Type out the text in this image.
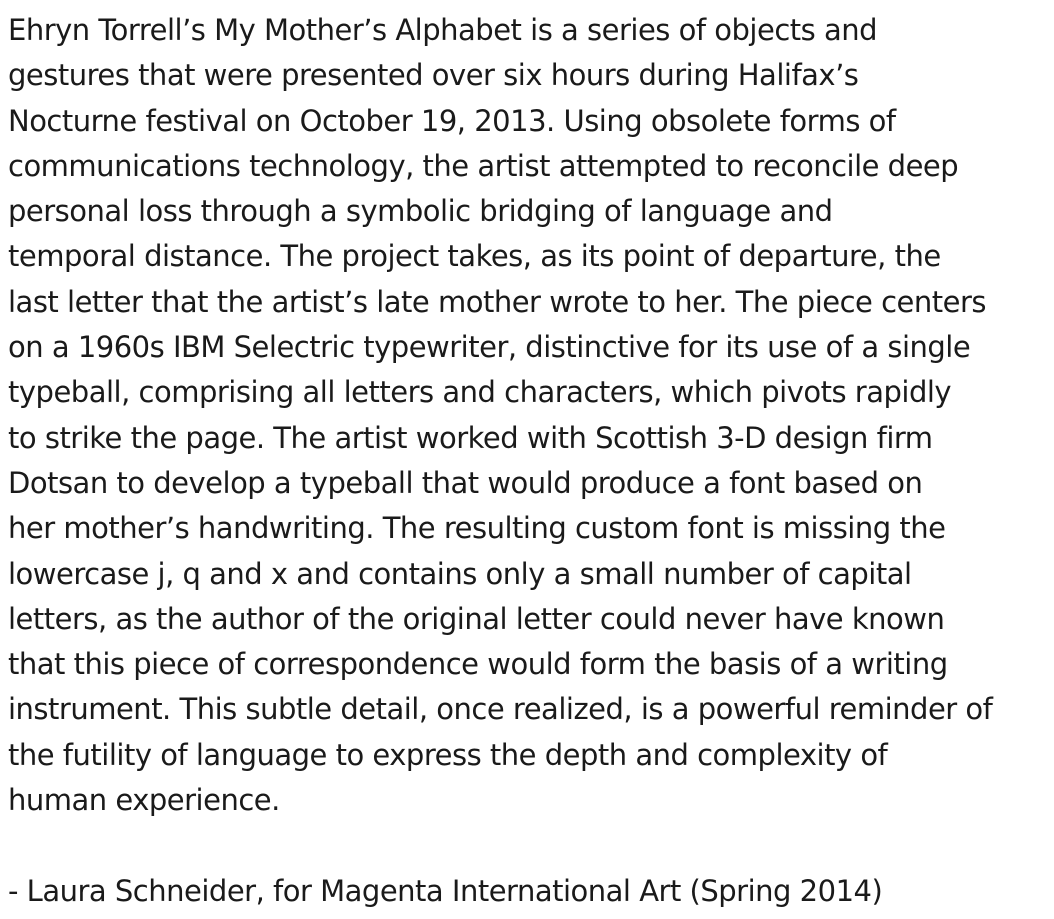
Ehryn Torrell’s My Mother’s Alphabet is a series of objects and
gestures that were presented over six hours during Halifax’s
Nocturne festival on October 19, 2013. Using obsolete forms of
communications technology, the artist attempted to reconcile deep
personal loss through a symbolic bridging of language and
temporal distance. The project takes, as its point of departure, the
last letter that the artist’s late mother wrote to her. The piece centers
on a 1960s IBM Selectric typewriter, distinctive for its use of a single
typeball, comprising all letters and characters, which pivots rapidly
to strike the page. The artist worked with Scottish 3-D design firm
Dotsan to develop a typeball that would produce a font based on
her mother’s handwriting. The resulting custom font is missing the
lowercase j, q and x and contains only a small number of capital
letters, as the author of the original letter could never have known
that this piece of correspondence would form the basis of a writing
instrument. This subtle detail, once realized, is a powerful reminder of
the futility of language to express the depth and complexity of
human experience.
- Laura Schneider, for Magenta International Art (Spring 2014)
